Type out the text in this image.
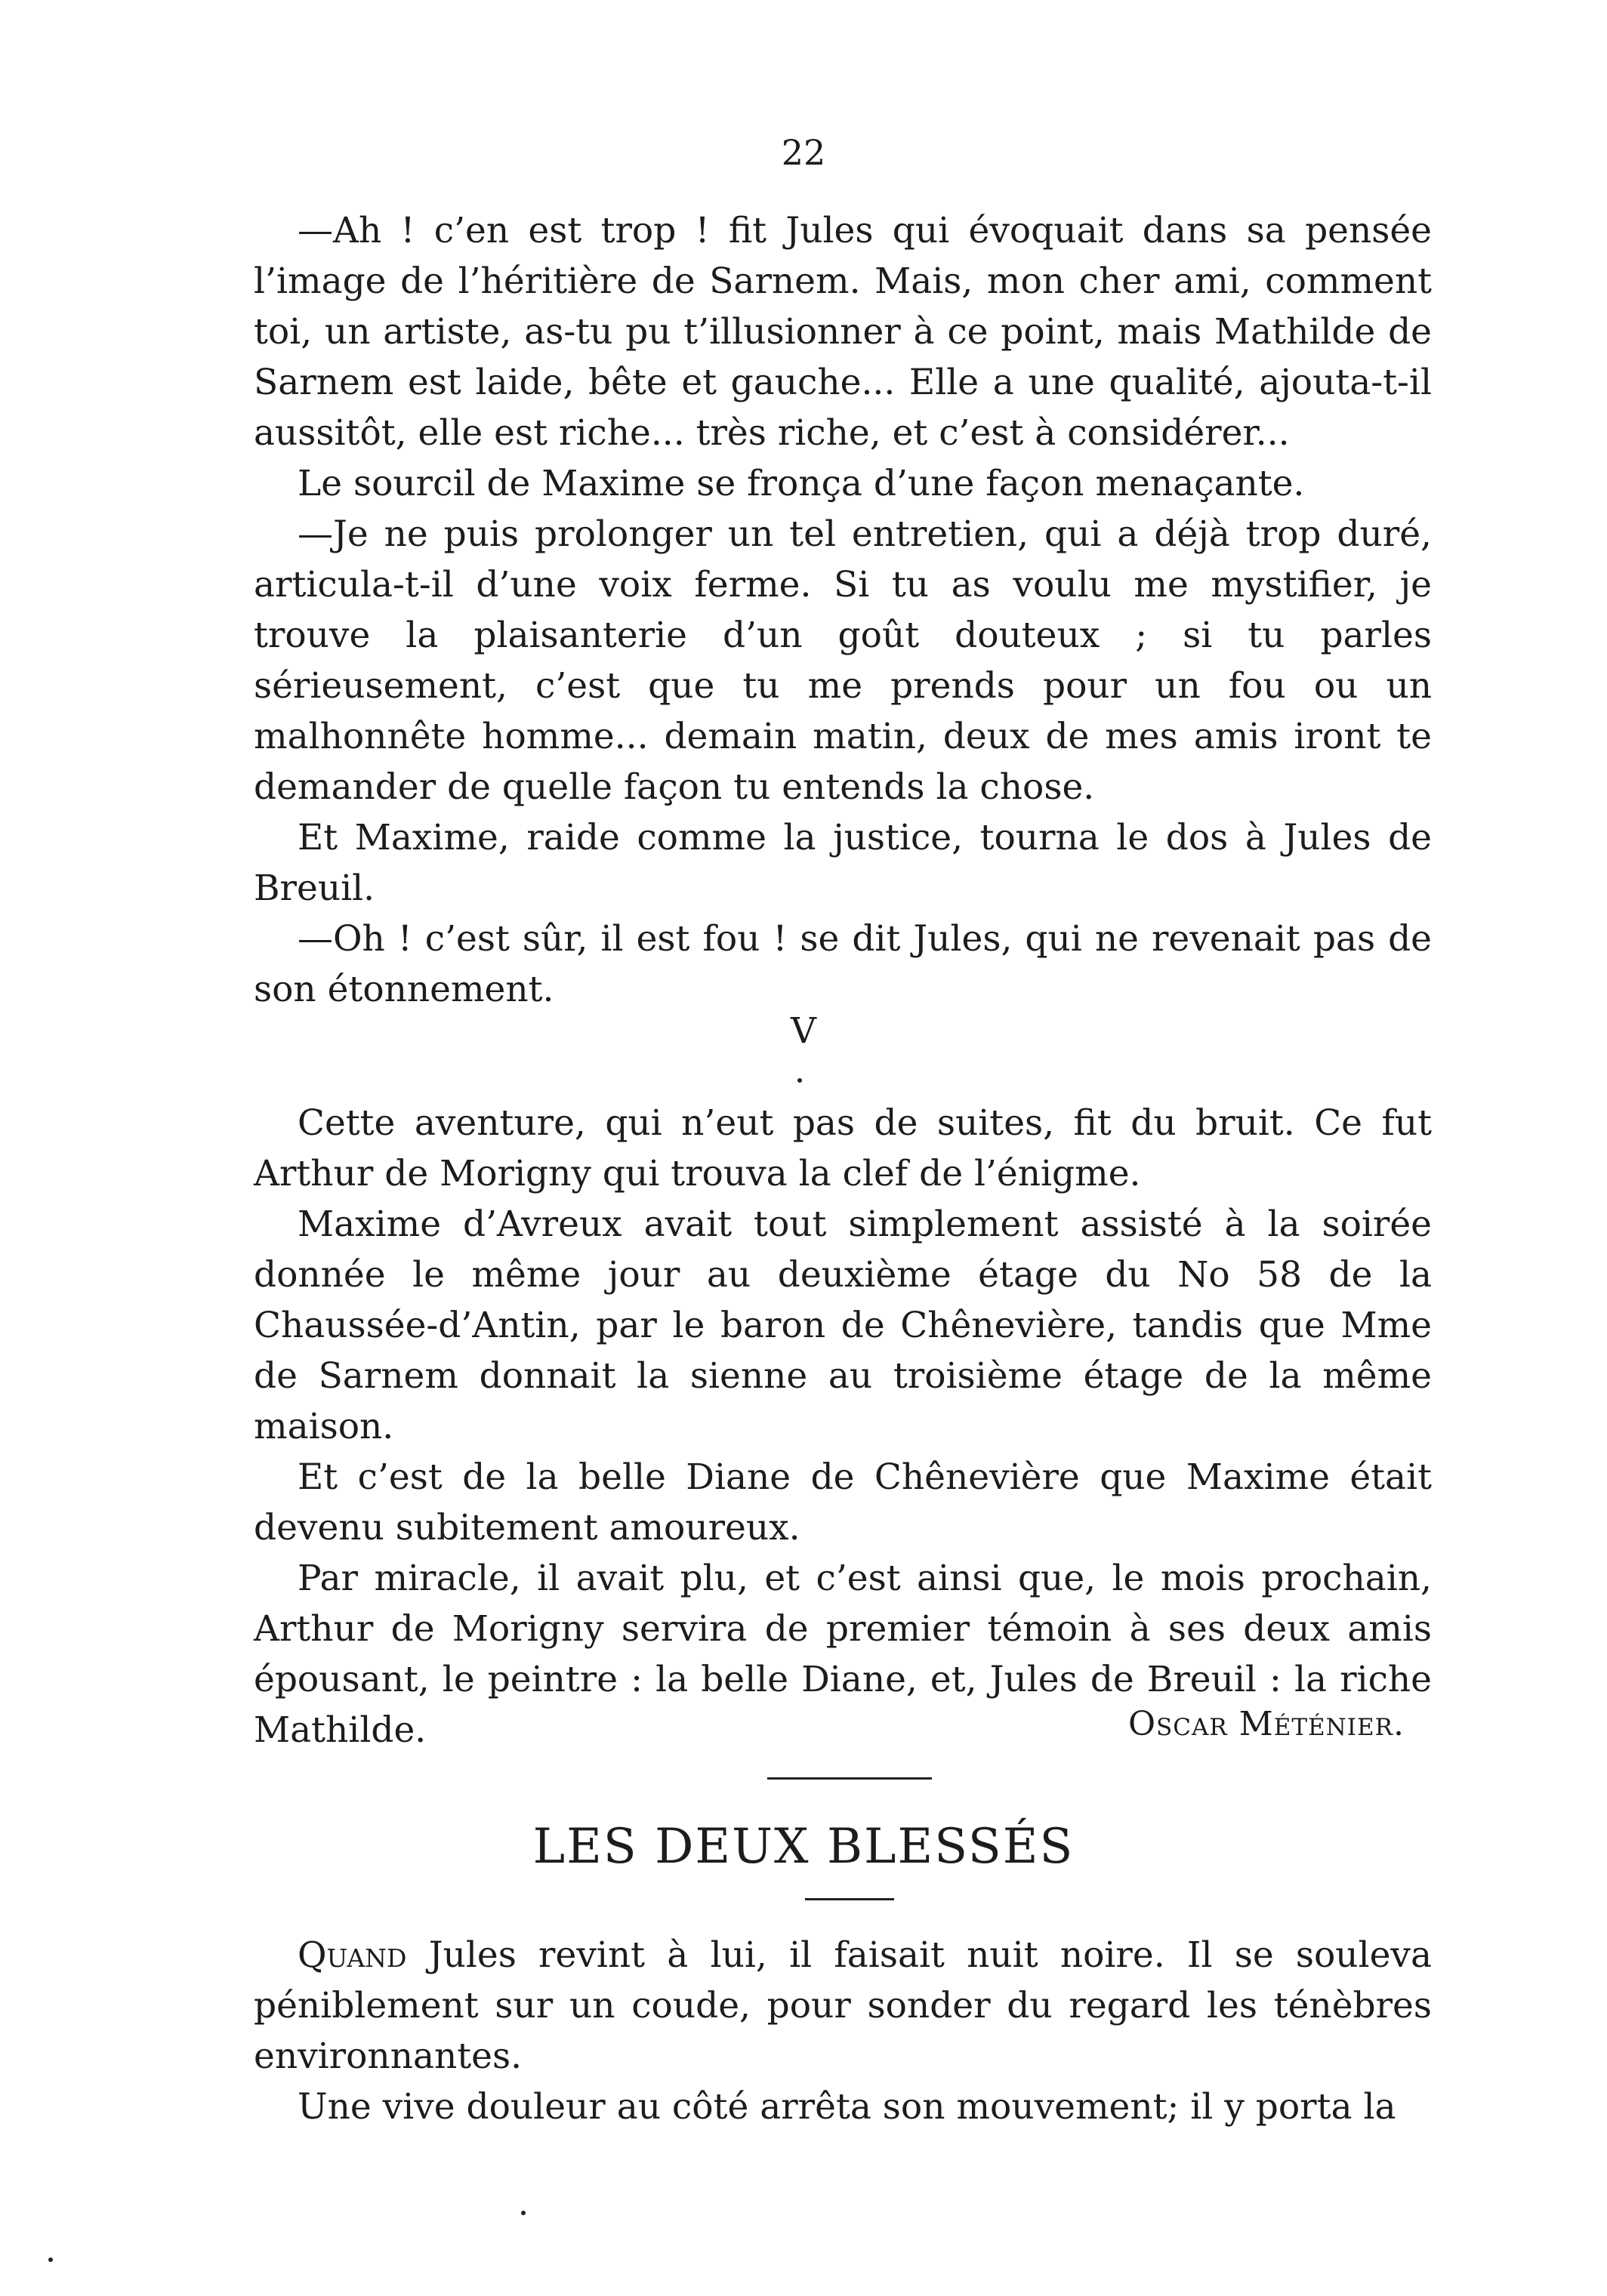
22

—Ah ! c’en est trop ! fit Jules qui évoquait dans sa pensée l’image de l’héritière de Sarnem. Mais, mon cher ami, comment toi, un artiste, as-tu pu t’illusionner à ce point, mais Mathilde de Sarnem est laide, bête et gauche... Elle a une qualité, ajouta-t-il aussitôt, elle est riche... très riche, et c’est à considérer...

Le sourcil de Maxime se fronça d’une façon menaçante.

—Je ne puis prolonger un tel entretien, qui a déjà trop duré, articula-t-il d’une voix ferme. Si tu as voulu me mystifier, je trouve la plaisanterie d’un goût douteux ; si tu parles sérieusement, c’est que tu me prends pour un fou ou un malhonnête homme... demain matin, deux de mes amis iront te demander de quelle façon tu entends la chose.

Et Maxime, raide comme la justice, tourna le dos à Jules de Breuil.

—Oh ! c’est sûr, il est fou ! se dit Jules, qui ne revenait pas de son étonnement.

V

Cette aventure, qui n’eut pas de suites, fit du bruit. Ce fut Arthur de Morigny qui trouva la clef de l’énigme.

Maxime d’Avreux avait tout simplement assisté à la soirée donnée le même jour au deuxième étage du No 58 de la Chaussée-d’Antin, par le baron de Chênevière, tandis que Mme de Sarnem donnait la sienne au troisième étage de la même maison.

Et c’est de la belle Diane de Chênevière que Maxime était devenu subitement amoureux.

Par miracle, il avait plu, et c’est ainsi que, le mois prochain, Arthur de Morigny servira de premier témoin à ses deux amis épousant, le peintre : la belle Diane, et, Jules de Breuil : la riche Mathilde.	Oscar Méténier.
LES DEUX BLESSÉS

Quand Jules revint à lui, il faisait nuit noire. Il se souleva péniblement sur un coude, pour sonder du regard les ténèbres environnantes.

Une vive douleur au côté arrêta son mouvement; il y porta la
